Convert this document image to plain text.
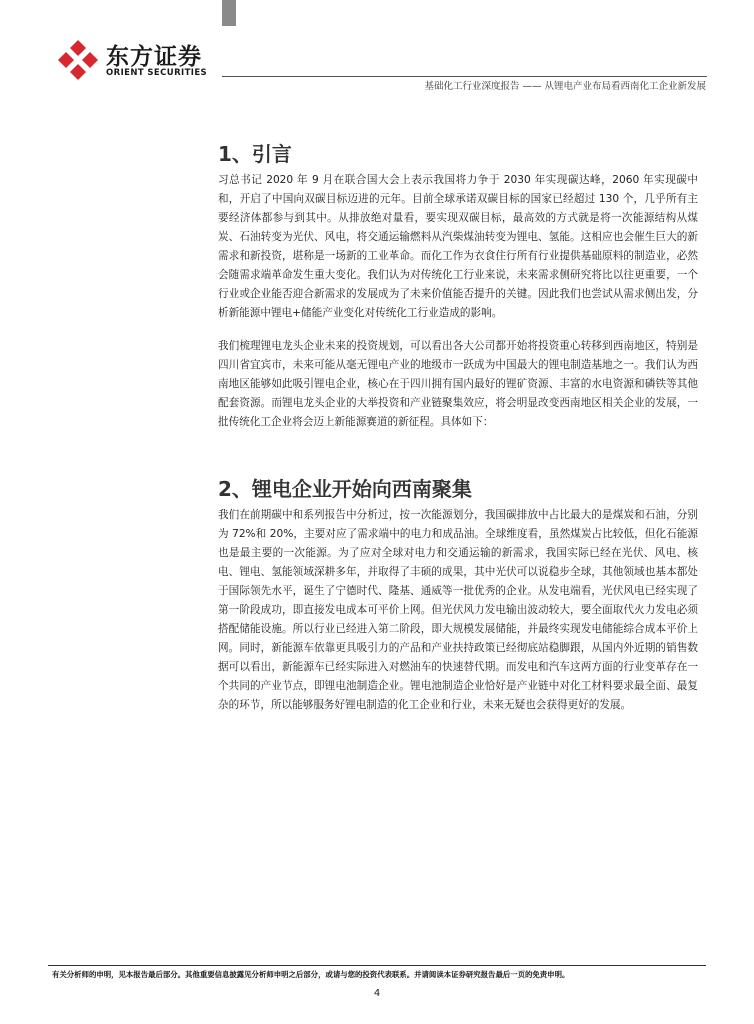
东方证券
ORIENT SECURITIES
基础化工行业深度报告 —— 从锂电产业布局看西南化工企业新发展
1、引言

习总书记 2020 年 9 月在联合国大会上表示我国将力争于 2030 年实现碳达峰，2060 年实现碳中和，开启了中国向双碳目标迈进的元年。目前全球承诺双碳目标的国家已经超过 130 个，几乎所有主要经济体都参与到其中。从排放绝对量看，要实现双碳目标，最高效的方式就是将一次能源结构从煤炭、石油转变为光伏、风电，将交通运输燃料从汽柴煤油转变为锂电、氢能。这相应也会催生巨大的新需求和新投资，堪称是一场新的工业革命。而化工作为衣食住行所有行业提供基础原料的制造业，必然会随需求端革命发生重大变化。我们认为对传统化工行业来说，未来需求侧研究将比以往更重要，一个行业或企业能否迎合新需求的发展成为了未来价值能否提升的关键。因此我们也尝试从需求侧出发，分析新能源中锂电+储能产业变化对传统化工行业造成的影响。

我们梳理锂电龙头企业未来的投资规划，可以看出各大公司都开始将投资重心转移到西南地区，特别是四川省宜宾市，未来可能从毫无锂电产业的地级市一跃成为中国最大的锂电制造基地之一。我们认为西南地区能够如此吸引锂电企业，核心在于四川拥有国内最好的锂矿资源、丰富的水电资源和磷铁等其他配套资源。而锂电龙头企业的大举投资和产业链聚集效应，将会明显改变西南地区相关企业的发展，一批传统化工企业将会迈上新能源赛道的新征程。具体如下：

2、锂电企业开始向西南聚集

我们在前期碳中和系列报告中分析过，按一次能源划分，我国碳排放中占比最大的是煤炭和石油，分别为 72%和 20%，主要对应了需求端中的电力和成品油。全球维度看，虽然煤炭占比较低，但化石能源也是最主要的一次能源。为了应对全球对电力和交通运输的新需求，我国实际已经在光伏、风电、核电、锂电、氢能领域深耕多年，并取得了丰硕的成果，其中光伏可以说稳步全球，其他领域也基本都处于国际领先水平，诞生了宁德时代、隆基、通威等一批优秀的企业。从发电端看，光伏风电已经实现了第一阶段成功，即直接发电成本可平价上网。但光伏风力发电输出波动较大，要全面取代火力发电必须搭配储能设施。所以行业已经进入第二阶段，即大规模发展储能，并最终实现发电储能综合成本平价上网。同时，新能源车依靠更具吸引力的产品和产业扶持政策已经彻底站稳脚跟，从国内外近期的销售数据可以看出，新能源车已经实际进入对燃油车的快速替代期。而发电和汽车这两方面的行业变革存在一个共同的产业节点，即锂电池制造企业。锂电池制造企业恰好是产业链中对化工材料要求最全面、最复杂的环节，所以能够服务好锂电制造的化工企业和行业，未来无疑也会获得更好的发展。

有关分析师的申明，见本报告最后部分。其他重要信息披露见分析师申明之后部分，或请与您的投资代表联系。并请阅读本证券研究报告最后一页的免责申明。
4
